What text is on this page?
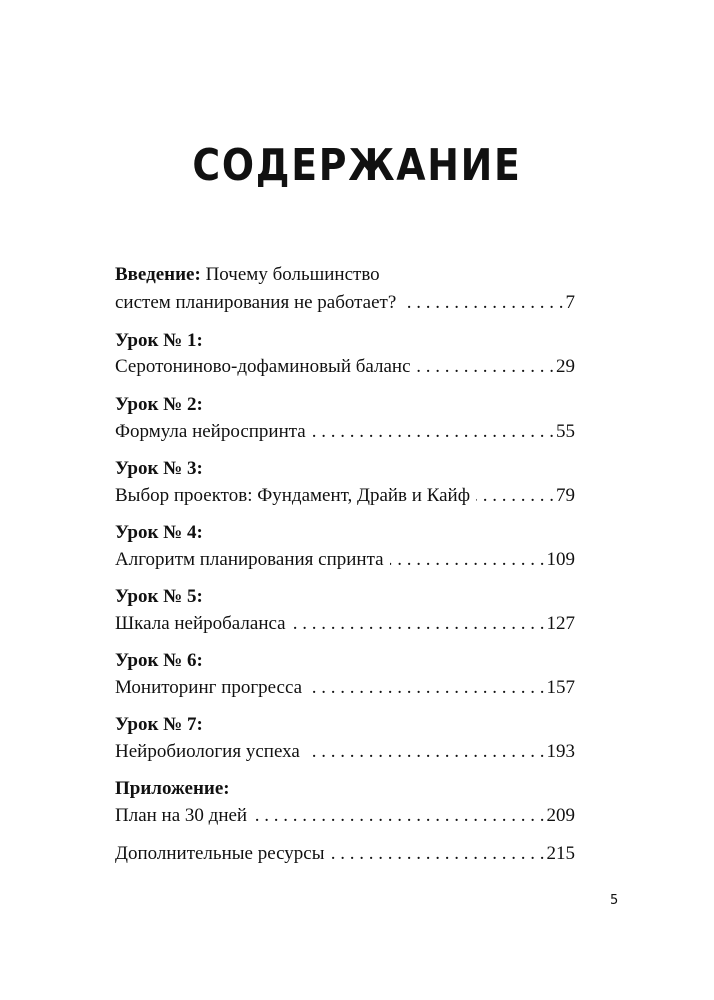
СОДЕРЖАНИЕ
Введение: Почему большинство
систем планирования не работает? . . .	7
Урок № 1:
Серотониново-дофаминовый баланс . . .	29
Урок № 2:
Формула нейроспринта . . .	55
Урок № 3:
Выбор проектов: Фундамент, Драйв и Кайф . . .	79
Урок № 4:
Алгоритм планирования спринта . . .	109
Урок № 5:
Шкала нейробаланса . . .	127
Урок № 6:
Мониторинг прогресса . . .	157
Урок № 7:
Нейробиология успеха . . .	193
Приложение:
План на 30 дней . . .	209
Дополнительные ресурсы . . .	215
5
